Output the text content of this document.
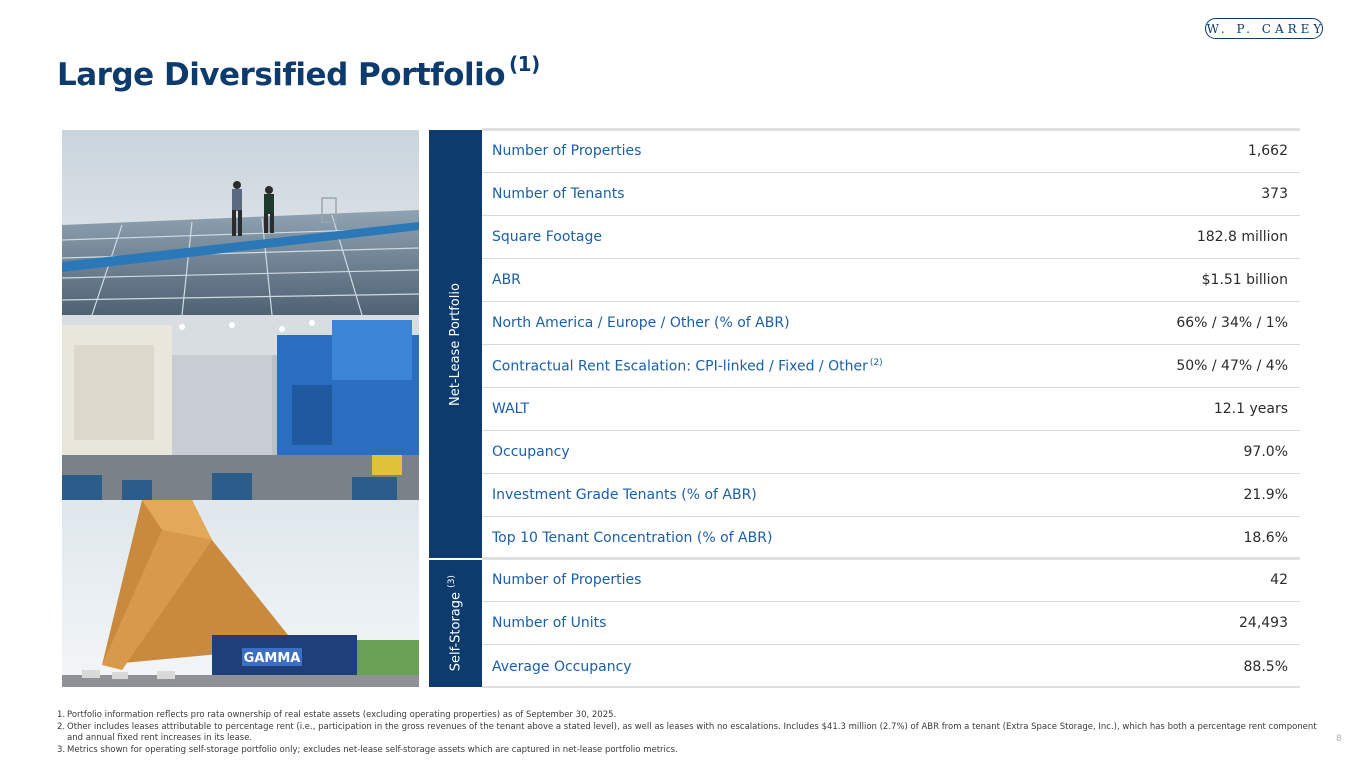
W. P. CAREY
Large Diversified Portfolio $^{(1)}$
GAMMA
Net-Lease Portfolio
Self-Storage $^{(3)}$
Number of Properties	1,662
Number of Tenants	373
Square Footage	182.8 million
ABR	$1.51 billion
North America / Europe / Other (% of ABR)	66% / 34% / 1%
Contractual Rent Escalation: CPI-linked / Fixed / Other $^{(2)}$	50% / 47% / 4%
WALT	12.1 years
Occupancy	97.0%
Investment Grade Tenants (% of ABR)	21.9%
Top 10 Tenant Concentration (% of ABR)	18.6%
Number of Properties	42
Number of Units	24,493
Average Occupancy	88.5%
1. Portfolio information reflects pro rata ownership of real estate assets (excluding operating properties) as of September 30, 2025.
2. Other includes leases attributable to percentage rent (i.e., participation in the gross revenues of the tenant above a stated level), as well as leases with no escalations. Includes $41.3 million (2.7%) of ABR from a tenant (Extra Space Storage, Inc.), which has both a percentage rent component and annual fixed rent increases in its lease.
3. Metrics shown for operating self-storage portfolio only; excludes net-lease self-storage assets which are captured in net-lease portfolio metrics.
8
